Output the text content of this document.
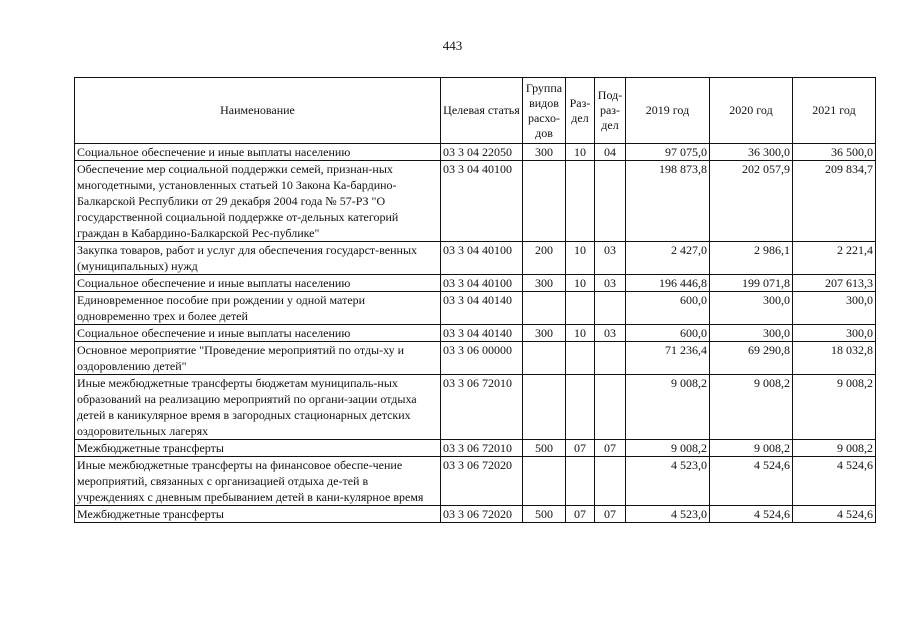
443
Наименование	Целевая статья	Группа видов расхо-дов	Раз-дел	Под-раз-дел	2019 год	2020 год	2021 год
Социальное обеспечение и иные выплаты населению	03 3 04 22050	300	10	04	97 075,0	36 300,0	36 500,0
Обеспечение мер социальной поддержки семей, признан-ных многодетными, установленных статьей 10 Закона Ка-бардино-Балкарской Республики от 29 декабря 2004 года № 57-РЗ "О государственной социальной поддержке от-дельных категорий граждан в Кабардино-Балкарской Рес-публике"	03 3 04 40100				198 873,8	202 057,9	209 834,7
Закупка товаров, работ и услуг для обеспечения государст-венных (муниципальных) нужд	03 3 04 40100	200	10	03	2 427,0	2 986,1	2 221,4
Социальное обеспечение и иные выплаты населению	03 3 04 40100	300	10	03	196 446,8	199 071,8	207 613,3
Единовременное пособие при рождении у одной матери одновременно трех и более детей	03 3 04 40140				600,0	300,0	300,0
Социальное обеспечение и иные выплаты населению	03 3 04 40140	300	10	03	600,0	300,0	300,0
Основное мероприятие "Проведение мероприятий по отды-ху и оздоровлению детей"	03 3 06 00000				71 236,4	69 290,8	18 032,8
Иные межбюджетные трансферты бюджетам муниципаль-ных образований на реализацию мероприятий по органи-зации отдыха детей в каникулярное время в загородных стационарных детских оздоровительных лагерях	03 3 06 72010				9 008,2	9 008,2	9 008,2
Межбюджетные трансферты	03 3 06 72010	500	07	07	9 008,2	9 008,2	9 008,2
Иные межбюджетные трансферты на финансовое обеспе-чение мероприятий, связанных с организацией отдыха де-тей в учреждениях с дневным пребыванием детей в кани-кулярное время	03 3 06 72020				4 523,0	4 524,6	4 524,6
Межбюджетные трансферты	03 3 06 72020	500	07	07	4 523,0	4 524,6	4 524,6
